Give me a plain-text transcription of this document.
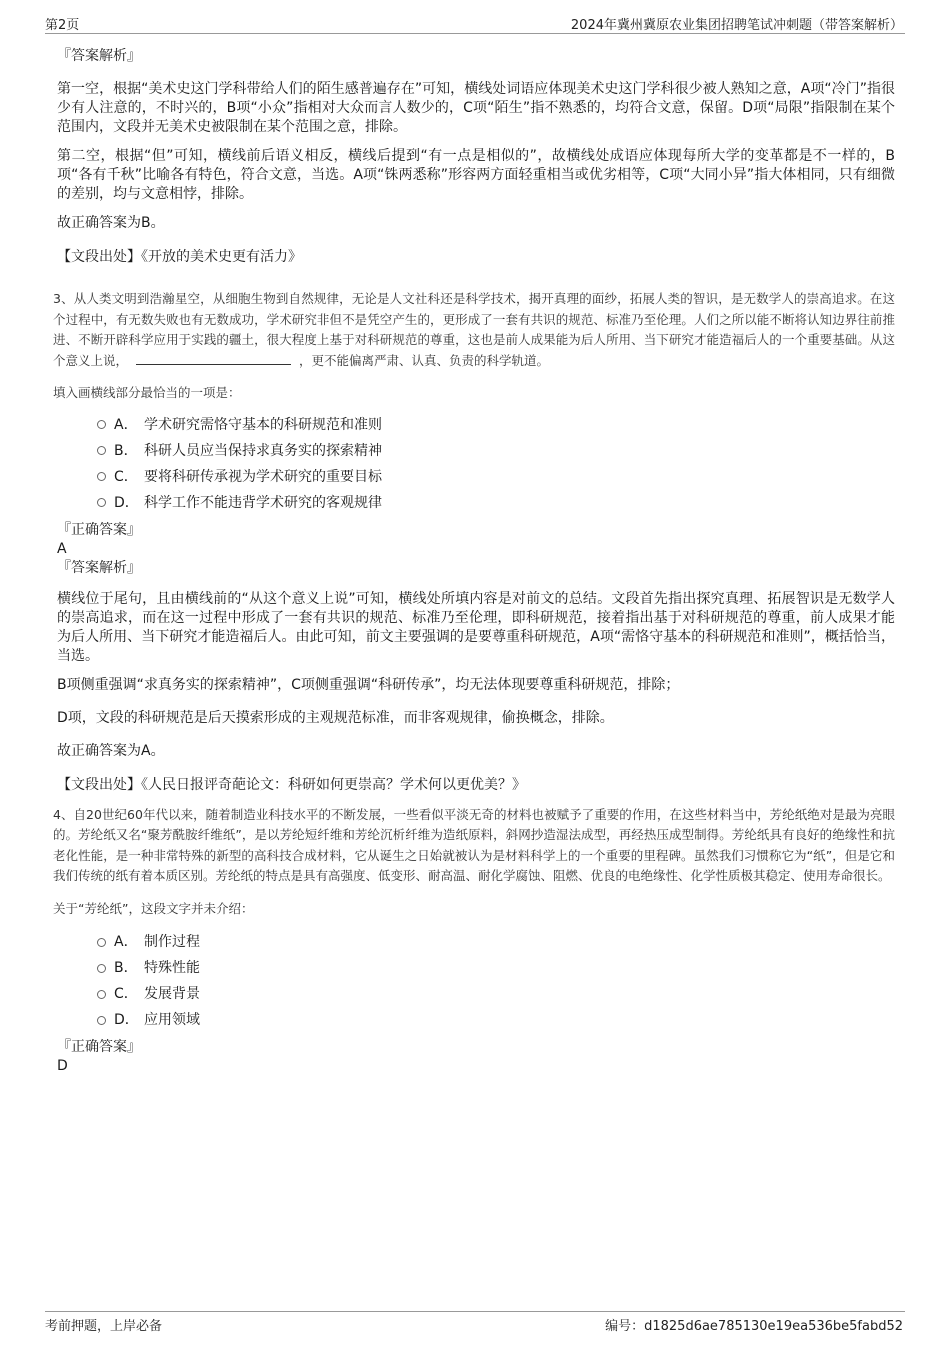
第2页	2024年冀州冀原农业集团招聘笔试冲刺题（带答案解析）
『答案解析』
第一空，根据“美术史这门学科带给人们的陌生感普遍存在”可知，横线处词语应体现美术史这门学科很少被人熟知之意，A项“冷门”指很少有人注意的，不时兴的，B项“小众”指相对大众而言人数少的，C项“陌生”指不熟悉的，均符合文意，保留。D项“局限”指限制在某个范围内，文段并无美术史被限制在某个范围之意，排除。
第二空，根据“但”可知，横线前后语义相反，横线后提到“有一点是相似的”，故横线处成语应体现每所大学的变革都是不一样的，B项“各有千秋”比喻各有特色，符合文意，当选。A项“铢两悉称”形容两方面轻重相当或优劣相等，C项“大同小异”指大体相同，只有细微的差别，均与文意相悖，排除。
故正确答案为B。
【文段出处】《开放的美术史更有活力》
3、从人类文明到浩瀚星空，从细胞生物到自然规律，无论是人文社科还是科学技术，揭开真理的面纱，拓展人类的智识，是无数学人的崇高追求。在这个过程中，有无数失败也有无数成功，学术研究非但不是凭空产生的，更形成了一套有共识的规范、标准乃至伦理。人们之所以能不断将认知边界往前推进、不断开辟科学应用于实践的疆土，很大程度上基于对科研规范的尊重，这也是前人成果能为后人所用、当下研究才能造福后人的一个重要基础。从这个意义上说，	，更不能偏离严肃、认真、负责的科学轨道。
填入画横线部分最恰当的一项是：
A． 学术研究需恪守基本的科研规范和准则
B． 科研人员应当保持求真务实的探索精神
C． 要将科研传承视为学术研究的重要目标
D． 科学工作不能违背学术研究的客观规律
『正确答案』
A
『答案解析』
横线位于尾句，且由横线前的“从这个意义上说”可知，横线处所填内容是对前文的总结。文段首先指出探究真理、拓展智识是无数学人的崇高追求，而在这一过程中形成了一套有共识的规范、标准乃至伦理，即科研规范，接着指出基于对科研规范的尊重，前人成果才能为后人所用、当下研究才能造福后人。由此可知，前文主要强调的是要尊重科研规范，A项“需恪守基本的科研规范和准则”，概括恰当，当选。
B项侧重强调“求真务实的探索精神”，C项侧重强调“科研传承”，均无法体现要尊重科研规范，排除；
D项，文段的科研规范是后天摸索形成的主观规范标准，而非客观规律，偷换概念，排除。
故正确答案为A。
【文段出处】《人民日报评奇葩论文：科研如何更崇高？学术何以更优美？》
4、自20世纪60年代以来，随着制造业科技水平的不断发展，一些看似平淡无奇的材料也被赋予了重要的作用，在这些材料当中，芳纶纸绝对是最为亮眼的。芳纶纸又名“聚芳酰胺纤维纸”，是以芳纶短纤维和芳纶沉析纤维为造纸原料，斜网抄造湿法成型，再经热压成型制得。芳纶纸具有良好的绝缘性和抗老化性能，是一种非常特殊的新型的高科技合成材料，它从诞生之日始就被认为是材料科学上的一个重要的里程碑。虽然我们习惯称它为“纸”，但是它和我们传统的纸有着本质区别。芳纶纸的特点是具有高强度、低变形、耐高温、耐化学腐蚀、阻燃、优良的电绝缘性、化学性质极其稳定、使用寿命很长。
关于“芳纶纸”，这段文字并未介绍：
A． 制作过程
B． 特殊性能
C． 发展背景
D． 应用领域
『正确答案』
D
考前押题，上岸必备	编号：d1825d6ae785130e19ea536be5fabd52
